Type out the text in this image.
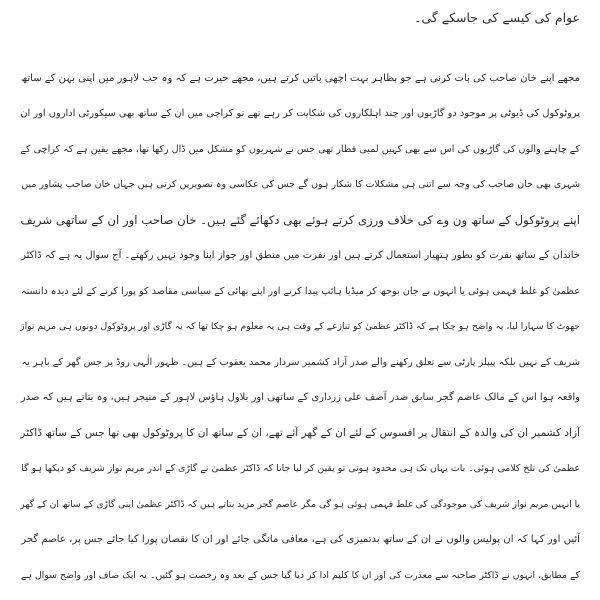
عوام کی کیسے کی جاسکے گی۔
مجھے اپنے خان صاحب کی بات کرنی ہے جو بظاہر بہت اچھی باتیں کرتے ہیں، مجھے حیرت ہے کہ وہ جب لاہور میں اپنی بہن کے ساتھ
پروٹوکول کی ڈیوٹی پر موجود دو گاڑیوں اور چند اہلکاروں کی شکایت کر رہے تھے تو کراچی میں ان کے ساتھ بھی سیکورٹی اداروں اور ان
کے چاہنے والوں کی گاڑیوں کی اس سے بھی کہیں لمبی قطار تھی جس نے شہریوں کو مشکل میں ڈال رکھا تھا، مجھے یقین ہے کہ کراچی کے
شہری بھی خان صاحب کی وجہ سے اتنی ہی مشکلات کا شکار ہوں گے جس کی عکاسی وہ تصویریں کرتی ہیں جہاں خان صاحب پشاور میں
اپنے پروٹوکول کے ساتھ ون وے کی خلاف ورزی کرتے ہوئے بھی دکھائے گئے ہیں۔ خان صاحب اور ان کے ساتھی شریف
خاندان کے ساتھ نفرت کو بطور ہتھیار استعمال کرتے ہیں اور نفرت میں منطق اور جواز اپنا وجود نہیں رکھتے۔ آج سوال یہ ہے کہ ڈاکٹر
عظمیٰ کو غلط فہمی ہوئی یا انہوں نے جان بوجھ کر میڈیا ہائپ پیدا کرنے اور اپنے بھائی کے سیاسی مقاصد کو پورا کرنے کے لئے دیدہ دانستہ
جھوٹ کا سہارا لیا، یہ واضح ہو چکا ہے کہ ڈاکٹر عظمیٰ کو تنازعے کے وقت ہی یہ معلوم ہو چکا تھا کہ یہ گاڑی اور پروٹوکول دونوں ہی مریم نواز
شریف کے نہیں بلکہ پیپلز پارٹی سے تعلق رکھنے والے صدر آزاد کشمیر سردار محمد یعقوب کے ہیں۔ ظہور الٰہی روڈ پر جس گھر کے باہر یہ
واقعہ ہوا اس کے مالک عاصم گجر سابق صدر آصف علی زرداری کے ساتھی اور بلاول ہاؤس لاہور کے منیجر ہیں، وہ بتاتے ہیں کہ صدر
آزاد کشمیر ان کی والدہ کے انتقال پر افسوس کے لئے ان کے گھر آئے تھے، ان کے ساتھ ان کا پروٹوکول بھی تھا جس کے ساتھ ڈاکٹر
عظمیٰ کی تلخ کلامی ہوئی۔ بات یہاں تک ہی محدود ہوتی تو یقین کر لیا جاتا کہ ڈاکٹر عظمیٰ نے گاڑی کے اندر مریم نواز شریف کو دیکھا ہو گا
یا انہیں مریم نواز شریف کی موجودگی کی غلط فہمی ہوئی ہو گی مگر عاصم گجر مزید بتاتے ہیں کہ ڈاکٹر عظمیٰ اپنی گاڑی کے ساتھ ان کے گھر
آئیں اور کہا کہ ان پولیس والوں نے ان کے ساتھ بدتمیزی کی ہے، معافی مانگی جائے اور ان کا نقصان پورا کیا جائے جس پر، عاصم گجر
کے مطابق، انہوں نے ڈاکٹر صاحبہ سے معذرت کی اور ان کا کلیم ادا کر دیا گیا جس کے بعد وہ رخصت ہو گئیں۔ یہ ایک صاف اور واضح سوال ہے
